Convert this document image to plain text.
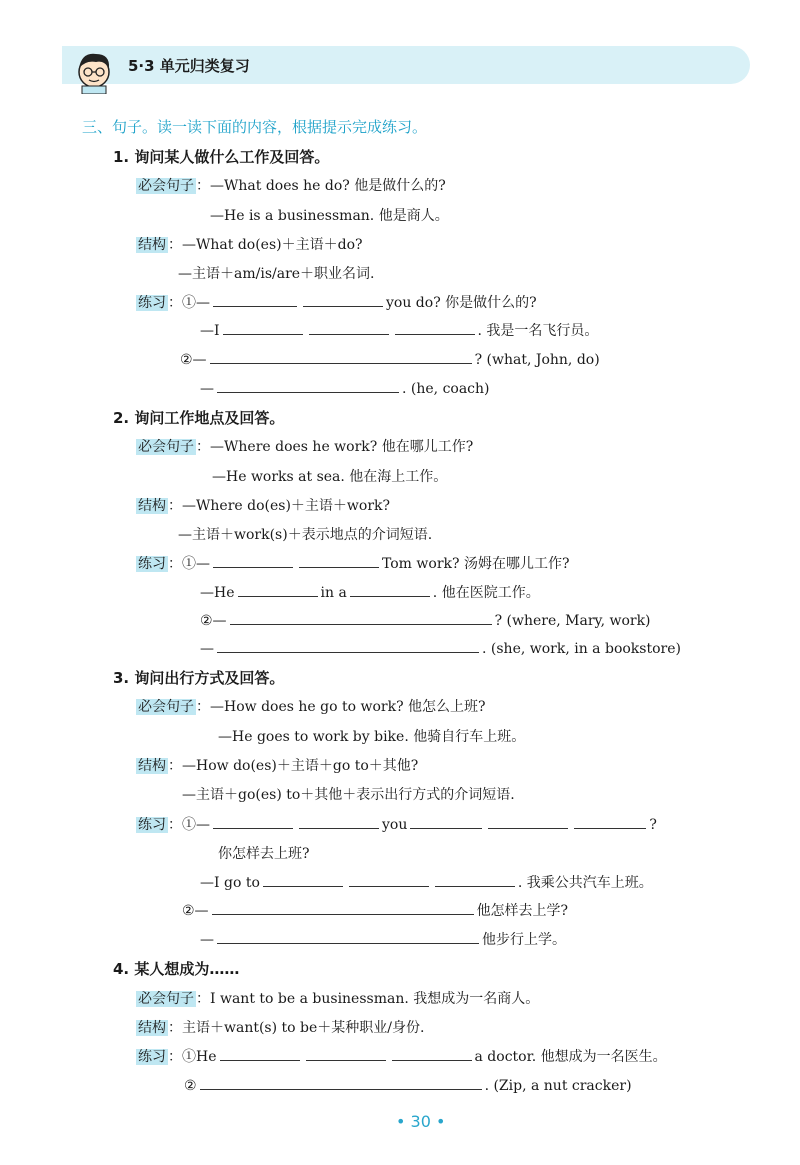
5·3 单元归类复习
三、句子。读一读下面的内容，根据提示完成练习。
1. 询问某人做什么工作及回答。
必会句子 ：—What does he do? 他是做什么的?
—He is a businessman. 他是商人。
结构 ：—What do(es)＋主语＋do?
—主语＋am/is/are＋职业名词.
练习 ：①—	you do? 你是做什么的?
—I	. 我是一名飞行员。
②—	? (what, John, do)
—	. (he, coach)
2. 询问工作地点及回答。
必会句子 ：—Where does he work? 他在哪儿工作?
—He works at sea. 他在海上工作。
结构 ：—Where do(es)＋主语＋work?
—主语＋work(s)＋表示地点的介词短语.
练习 ：①—	Tom work? 汤姆在哪儿工作?
—He	in a	. 他在医院工作。
②—	? (where, Mary, work)
—	. (she, work, in a bookstore)
3. 询问出行方式及回答。
必会句子 ：—How does he go to work? 他怎么上班?
—He goes to work by bike. 他骑自行车上班。
结构 ：—How do(es)＋主语＋go to＋其他?
—主语＋go(es) to＋其他＋表示出行方式的介词短语.
练习 ：①—	you	?
你怎样去上班?
—I go to	. 我乘公共汽车上班。
②—	他怎样去上学?
—	他步行上学。
4. 某人想成为……
必会句子 ：I want to be a businessman. 我想成为一名商人。
结构 ：主语＋want(s) to be＋某种职业/身份.
练习 ：①He	a doctor. 他想成为一名医生。
②	. (Zip, a nut cracker)
• 30 •
